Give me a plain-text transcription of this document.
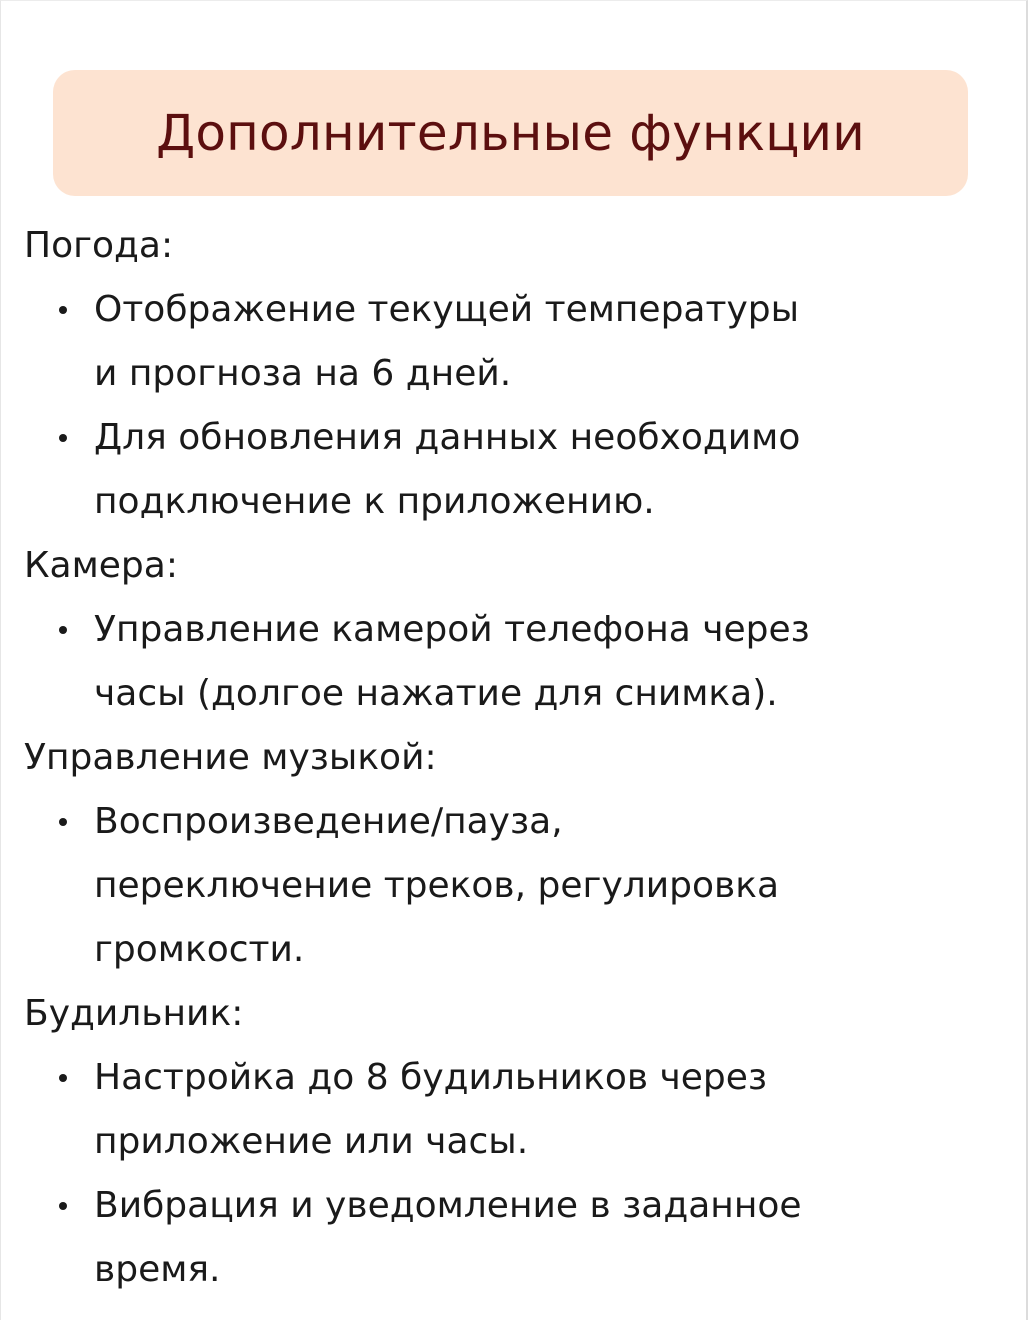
Дополнительные функции
Погода:
Отображение текущей температуры
и прогноза на 6 дней.
Для обновления данных необходимо
подключение к приложению.
Камера:
Управление камерой телефона через
часы (долгое нажатие для снимка).
Управление музыкой:
Воспроизведение/пауза,
переключение треков, регулировка
громкости.
Будильник:
Настройка до 8 будильников через
приложение или часы.
Вибрация и уведомление в заданное
время.
